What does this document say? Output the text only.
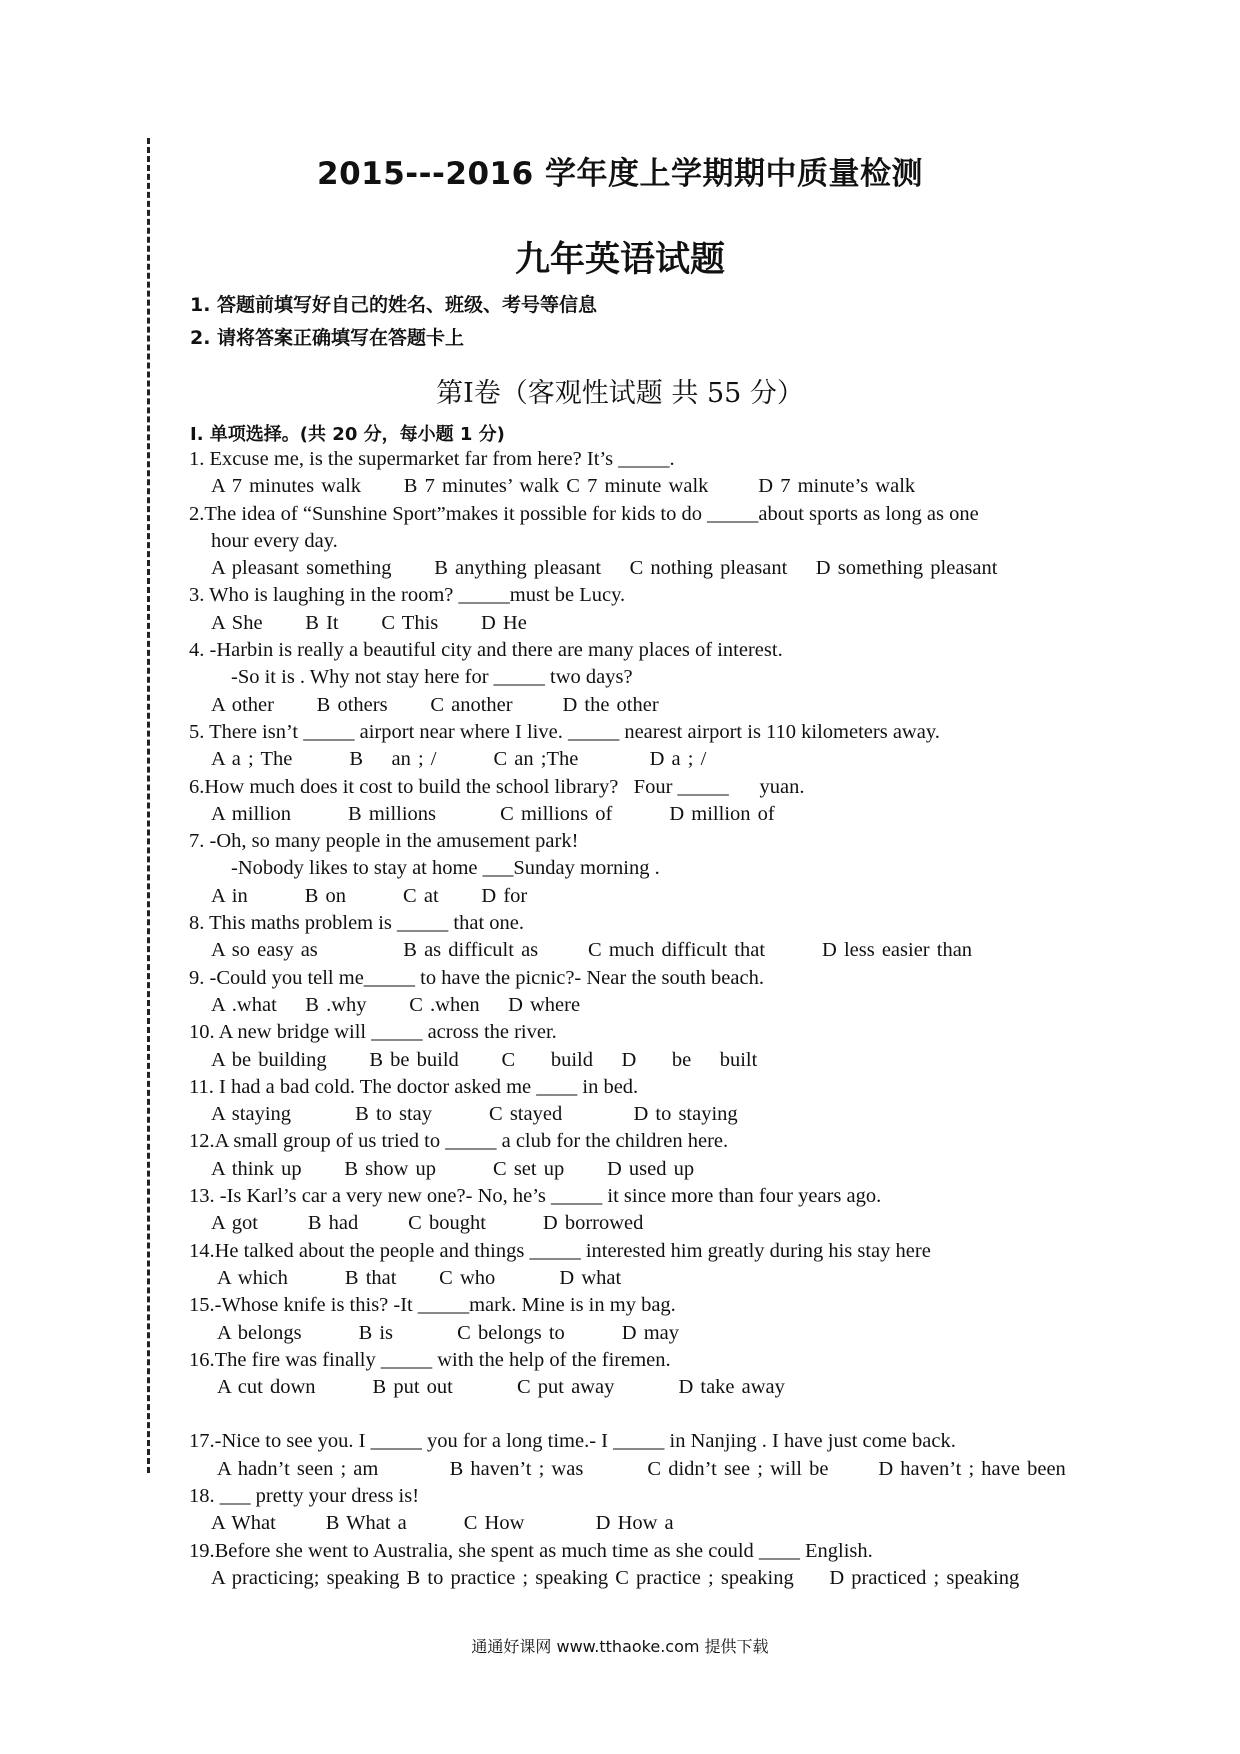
2015---2016 学年度上学期期中质量检测
九年英语试题
1. 答题前填写好自己的姓名、班级、考号等信息
2. 请将答案正确填写在答题卡上
第Ⅰ卷（客观性试题 共 55 分）
Ⅰ. 单项选择。(共 20 分，每小题 1 分)
1. Excuse me, is the supermarket far from here? It’s _____.
A 7 minutes walk      B 7 minutes’ walk C 7 minute walk       D 7 minute’s walk
2.The idea of “Sunshine Sport”makes it possible for kids to do _____about sports as long as one
hour every day.
A pleasant something      B anything pleasant    C nothing pleasant    D something pleasant
3. Who is laughing in the room? _____must be Lucy.
A She      B It      C This      D He
4. -Harbin is really a beautiful city and there are many places of interest.
-So it is . Why not stay here for _____ two days?
A other      B others      C another       D the other
5. There isn’t _____ airport near where I live. _____ nearest airport is 110 kilometers away.
A a ; The        B    an ; /        C an ;The          D a ; /
6.How much does it cost to build the school library?   Four _____      yuan.
A million        B millions         C millions of        D million of
7. -Oh, so many people in the amusement park!
-Nobody likes to stay at home ___Sunday morning .
A in        B on        C at      D for
8. This maths problem is _____ that one.
A so easy as            B as difficult as       C much difficult that        D less easier than
9. -Could you tell me_____ to have the picnic?- Near the south beach.
A .what    B .why      C .when    D where
10. A new bridge will _____ across the river.
A be building      B be build      C     build    D     be    built
11. I had a bad cold. The doctor asked me ____ in bed.
A staying         B to stay        C stayed          D to staying
12.A small group of us tried to _____ a club for the children here.
A think up      B show up        C set up      D used up
13. -Is Karl’s car a very new one?- No, he’s _____ it since more than four years ago.
A got       B had       C bought        D borrowed
14.He talked about the people and things _____ interested him greatly during his stay here
A which        B that      C who         D what
15.-Whose knife is this? -It _____mark. Mine is in my bag.
A belongs        B is         C belongs to        D may
16.The fire was finally _____ with the help of the firemen.
A cut down        B put out         C put away         D take away
17.-Nice to see you. I _____ you for a long time.- I _____ in Nanjing . I have just come back.
A hadn’t seen ; am          B haven’t ; was         C didn’t see ; will be       D haven’t ; have been
18. ___ pretty your dress is!
A What       B What a        C How          D How a
19.Before she went to Australia, she spent as much time as she could ____ English.
A practicing; speaking B to practice ; speaking C practice ; speaking     D practiced ; speaking
通通好课网 www.tthaoke.com 提供下载
